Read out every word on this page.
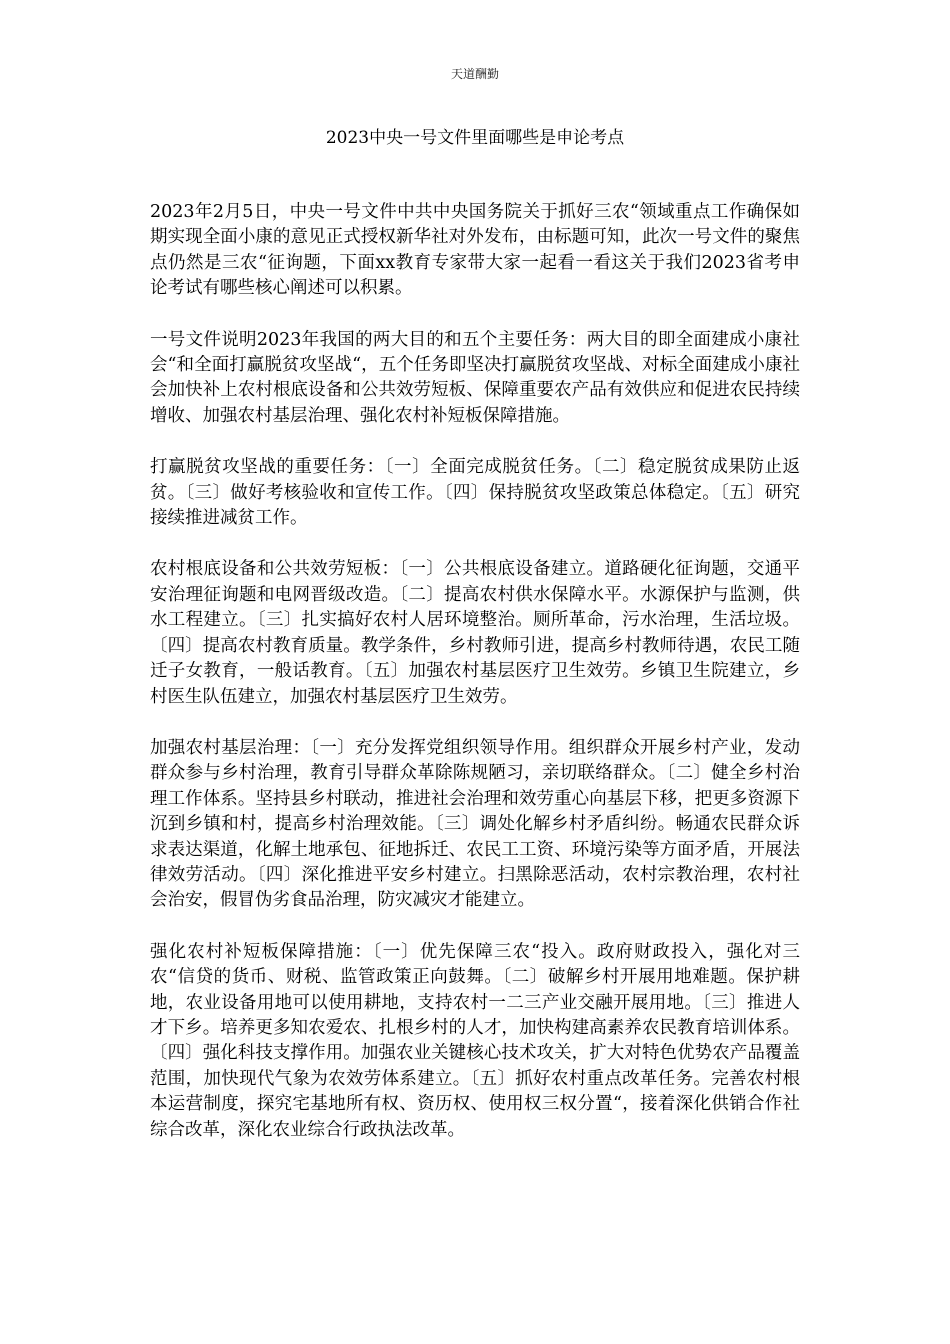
天道酬勤
2023中央一号文件里面哪些是申论考点

2023年2月5日，中央一号文件中共中央国务院关于抓好三农“领域重点工作确保如期实现全面小康的意见正式授权新华社对外发布，由标题可知，此次一号文件的聚焦点仍然是三农“征询题，下面xx教育专家带大家一起看一看这关于我们2023省考申论考试有哪些核心阐述可以积累。

一号文件说明2023年我国的两大目的和五个主要任务：两大目的即全面建成小康社会“和全面打赢脱贫攻坚战“，五个任务即坚决打赢脱贫攻坚战、对标全面建成小康社会加快补上农村根底设备和公共效劳短板、保障重要农产品有效供应和促进农民持续增收、加强农村基层治理、强化农村补短板保障措施。

打赢脱贫攻坚战的重要任务：〔一〕全面完成脱贫任务。〔二〕稳定脱贫成果防止返贫。〔三〕做好考核验收和宣传工作。〔四〕保持脱贫攻坚政策总体稳定。〔五〕研究接续推进减贫工作。

农村根底设备和公共效劳短板：〔一〕公共根底设备建立。道路硬化征询题，交通平安治理征询题和电网晋级改造。〔二〕提高农村供水保障水平。水源保护与监测，供水工程建立。〔三〕扎实搞好农村人居环境整治。厕所革命，污水治理，生活垃圾。〔四〕提高农村教育质量。教学条件，乡村教师引进，提高乡村教师待遇，农民工随迁子女教育，一般话教育。〔五〕加强农村基层医疗卫生效劳。乡镇卫生院建立，乡村医生队伍建立，加强农村基层医疗卫生效劳。

加强农村基层治理：〔一〕充分发挥党组织领导作用。组织群众开展乡村产业，发动群众参与乡村治理，教育引导群众革除陈规陋习，亲切联络群众。〔二〕健全乡村治理工作体系。坚持县乡村联动，推进社会治理和效劳重心向基层下移，把更多资源下沉到乡镇和村，提高乡村治理效能。〔三〕调处化解乡村矛盾纠纷。畅通农民群众诉求表达渠道，化解土地承包、征地拆迁、农民工工资、环境污染等方面矛盾，开展法律效劳活动。〔四〕深化推进平安乡村建立。扫黑除恶活动，农村宗教治理，农村社会治安，假冒伪劣食品治理，防灾减灾才能建立。

强化农村补短板保障措施：〔一〕优先保障三农“投入。政府财政投入，强化对三农“信贷的货币、财税、监管政策正向鼓舞。〔二〕破解乡村开展用地难题。保护耕地，农业设备用地可以使用耕地，支持农村一二三产业交融开展用地。〔三〕推进人才下乡。培养更多知农爱农、扎根乡村的人才，加快构建高素养农民教育培训体系。〔四〕强化科技支撑作用。加强农业关键核心技术攻关，扩大对特色优势农产品覆盖范围，加快现代气象为农效劳体系建立。〔五〕抓好农村重点改革任务。完善农村根本运营制度，探究宅基地所有权、资历权、使用权三权分置“，接着深化供销合作社综合改革，深化农业综合行政执法改革。
